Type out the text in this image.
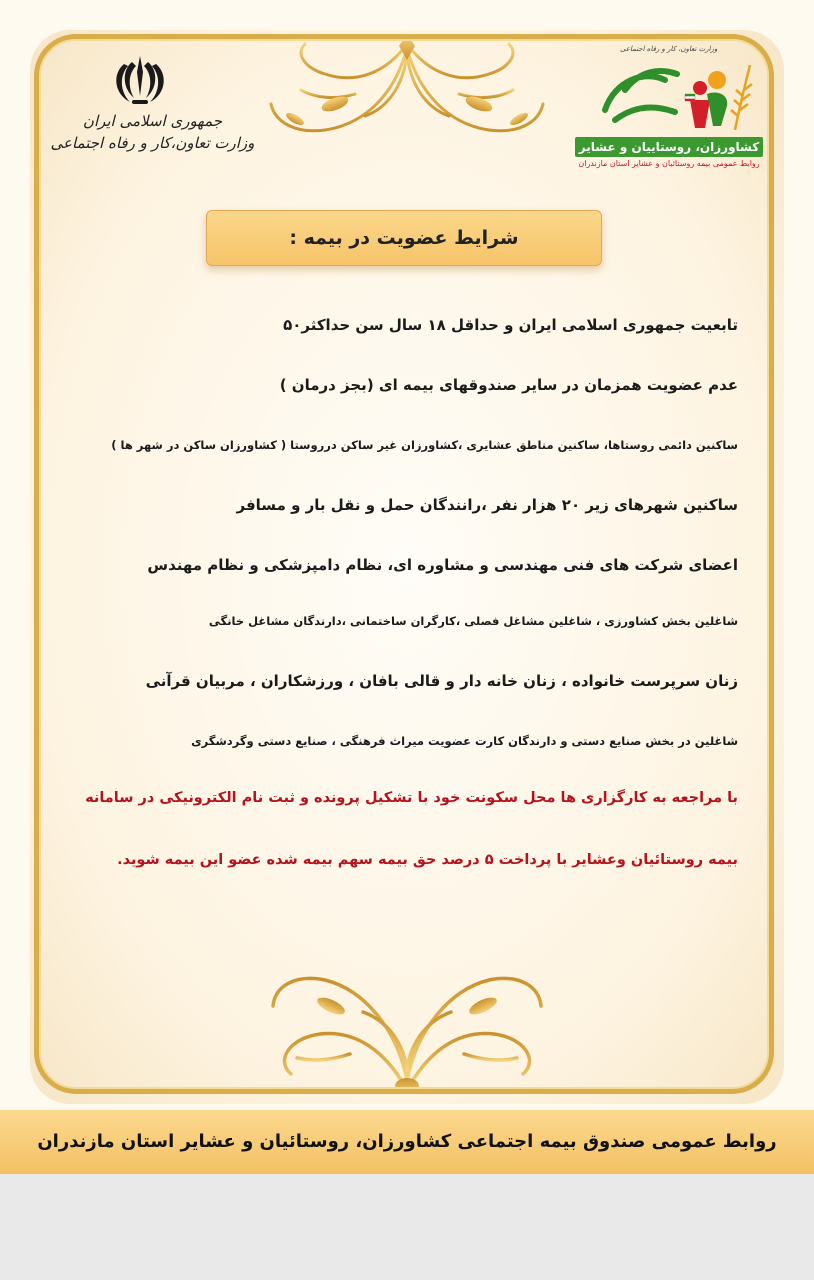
جمهوری اسلامی ایران
وزارت تعاون،کار و رفاه اجتماعی
وزارت تعاون، کار و رفاه اجتماعی
کشاورزان، روستاییان و عشایر
روابط عمومی بیمه روستائیان و عشایر استان مازندران
شرایط عضویت در بیمه :
تابعیت جمهوری اسلامی ایران و حداقل ۱۸ سال سن حداکثر۵۰
عدم عضویت همزمان در سایر صندوقهای بیمه ای (بجز درمان )
ساکنین دائمی روستاها، ساکنین مناطق عشایری ،کشاورزان غیر ساکن درروستا ( کشاورزان ساکن در شهر ها )
ساکنین شهرهای زیر ۲۰ هزار نفر ،رانندگان حمل و نقل بار و مسافر
اعضای شرکت های فنی مهندسی و مشاوره ای، نظام دامپزشکی و نظام مهندس
شاغلین بخش کشاورزی ، شاغلین مشاغل فصلی ،کارگران ساختمانی ،دارندگان مشاغل خانگی
زنان سرپرست خانواده ، زنان خانه دار و قالی بافان ، ورزشکاران ، مربیان قرآنی
شاغلین در بخش صنایع دستی و دارندگان کارت عضویت میراث فرهنگی ، صنایع دستی وگردشگری
با مراجعه به کارگزاری ها محل سکونت خود با تشکیل پرونده و ثبت نام الکترونیکی در سامانه
بیمه روستائیان وعشایر با پرداخت ۵ درصد حق بیمه سهم بیمه شده عضو این بیمه شوید.
روابط عمومی صندوق بیمه اجتماعی کشاورزان، روستائیان و عشایر استان مازندران
